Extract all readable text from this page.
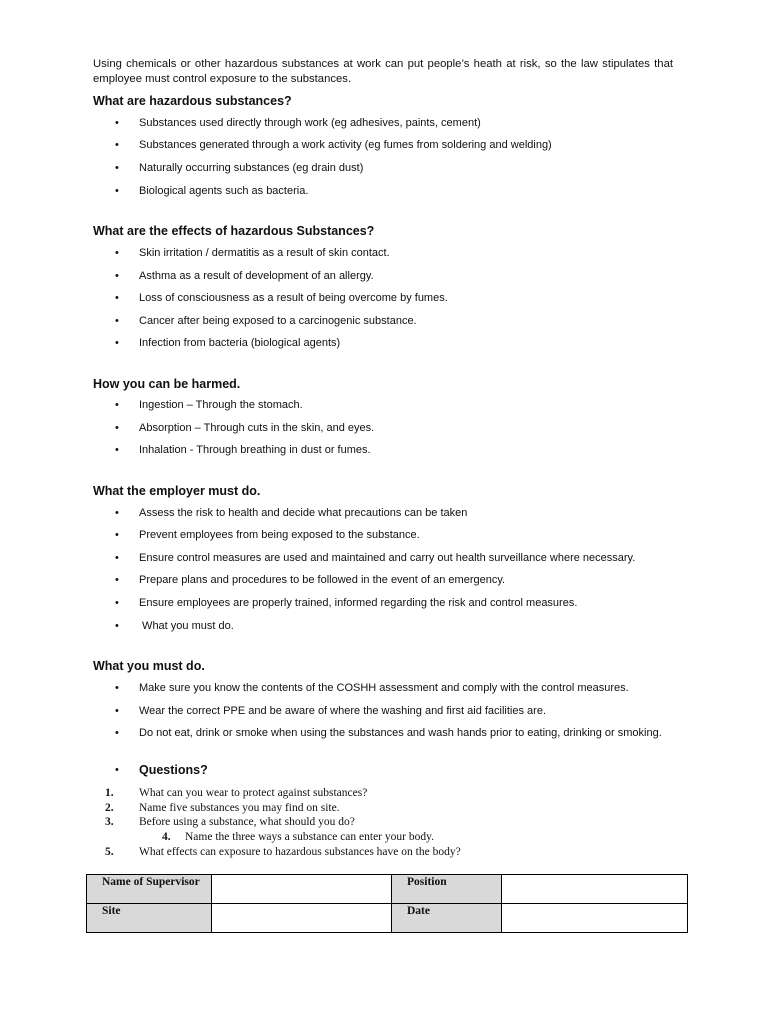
Using chemicals or other hazardous substances at work can put people’s heath at risk, so the law stipulates that employee must control exposure to the substances.
What are hazardous substances?
• Substances used directly through work (eg adhesives, paints, cement)
• Substances generated through a work activity (eg fumes from soldering and welding)
• Naturally occurring substances (eg drain dust)
• Biological agents such as bacteria.
What are the effects of hazardous Substances?
• Skin irritation / dermatitis as a result of skin contact.
• Asthma as a result of development of an allergy.
• Loss of consciousness as a result of being overcome by fumes.
• Cancer after being exposed to a carcinogenic substance.
• Infection from bacteria (biological agents)
How you can be harmed.
• Ingestion – Through the stomach.
• Absorption – Through cuts in the skin, and eyes.
• Inhalation - Through breathing in dust or fumes.
What the employer must do.
• Assess the risk to health and decide what precautions can be taken
• Prevent employees from being exposed to the substance.
• Ensure control measures are used and maintained and carry out health surveillance where necessary.
• Prepare plans and procedures to be followed in the event of an emergency.
• Ensure employees are properly trained, informed regarding the risk and control measures.
• What you must do.
What you must do.
• Make sure you know the contents of the COSHH assessment and comply with the control measures.
• Wear the correct PPE and be aware of where the washing and first aid facilities are.
• Do not eat, drink or smoke when using the substances and wash hands prior to eating, drinking or smoking.
• Questions?
1. What can you wear to protect against substances?
2. Name five substances you may find on site.
3. Before using a substance, what should you do?
4. Name the three ways a substance can enter your body.
5. What effects can exposure to hazardous substances have on the body?
Name of Supervisor		Position	
Site		Date	
